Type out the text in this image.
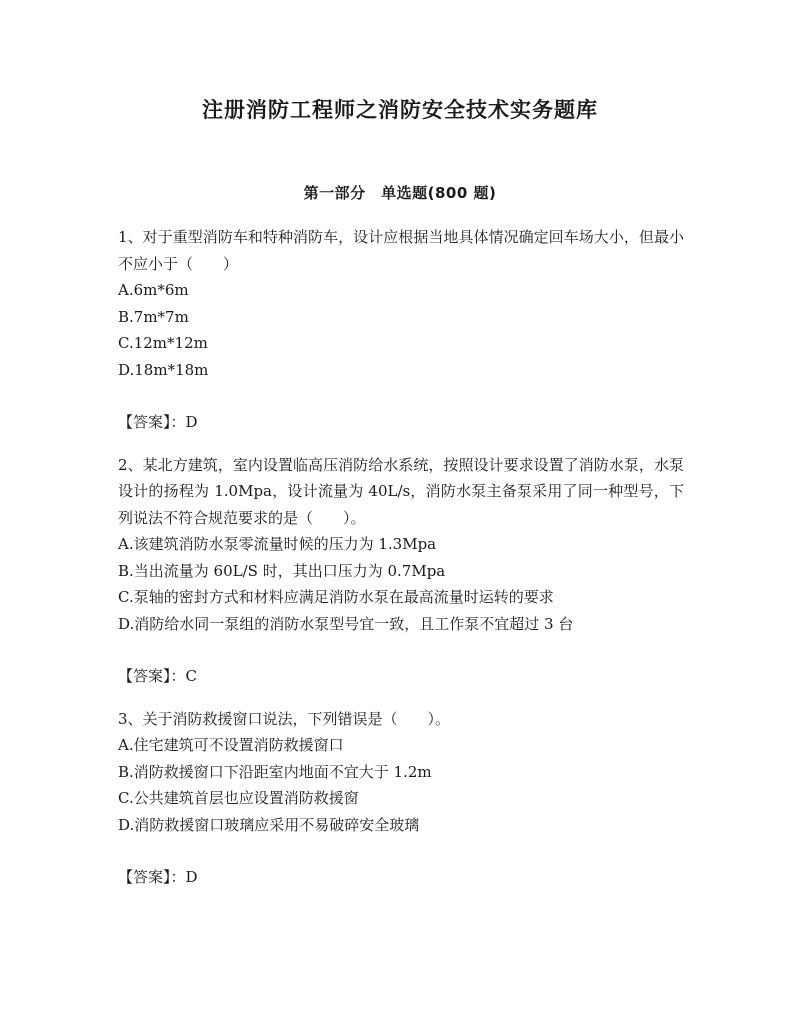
注册消防工程师之消防安全技术实务题库
第一部分　单选题(800 题)

1、对于重型消防车和特种消防车，设计应根据当地具体情况确定回车场大小，但最小不应小于（　　）

A.6m*6m

B.7m*7m

C.12m*12m

D.18m*18m

【答案】：D

2、某北方建筑，室内设置临高压消防给水系统，按照设计要求设置了消防水泵，水泵设计的扬程为 1.0Mpa，设计流量为 40L/s，消防水泵主备泵采用了同一种型号，下列说法不符合规范要求的是（　　）。

A.该建筑消防水泵零流量时候的压力为 1.3Mpa

B.当出流量为 60L/S 时，其出口压力为 0.7Mpa

C.泵轴的密封方式和材料应满足消防水泵在最高流量时运转的要求

D.消防给水同一泵组的消防水泵型号宜一致，且工作泵不宜超过 3 台

【答案】：C

3、关于消防救援窗口说法，下列错误是（　　）。

A.住宅建筑可不设置消防救援窗口

B.消防救援窗口下沿距室内地面不宜大于 1.2m

C.公共建筑首层也应设置消防救援窗

D.消防救援窗口玻璃应采用不易破碎安全玻璃

【答案】：D
